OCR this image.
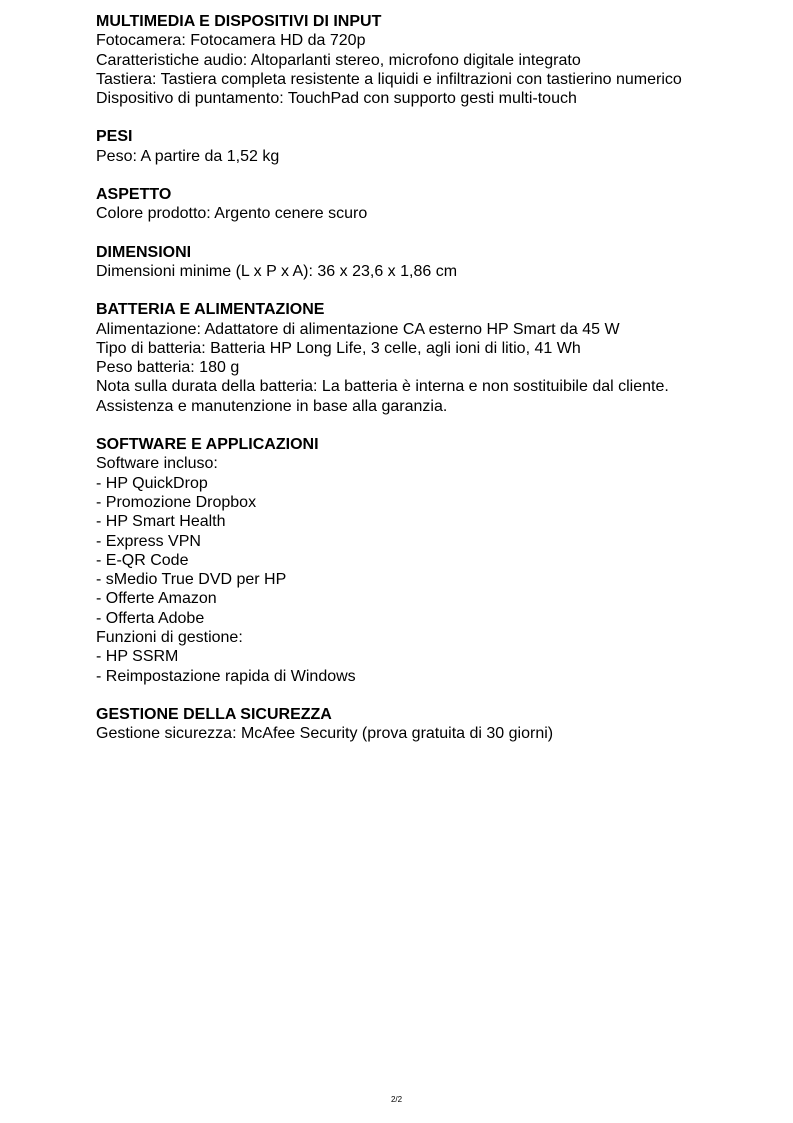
MULTIMEDIA E DISPOSITIVI DI INPUT
Fotocamera: Fotocamera HD da 720p
Caratteristiche audio: Altoparlanti stereo, microfono digitale integrato
Tastiera: Tastiera completa resistente a liquidi e infiltrazioni con tastierino numerico
Dispositivo di puntamento: TouchPad con supporto gesti multi-touch
PESI
Peso: A partire da 1,52 kg
ASPETTO
Colore prodotto: Argento cenere scuro
DIMENSIONI
Dimensioni minime (L x P x A): 36 x 23,6 x 1,86 cm
BATTERIA E ALIMENTAZIONE
Alimentazione: Adattatore di alimentazione CA esterno HP Smart da 45 W
Tipo di batteria: Batteria HP Long Life, 3 celle, agli ioni di litio, 41 Wh
Peso batteria: 180 g
Nota sulla durata della batteria: La batteria è interna e non sostituibile dal cliente.
Assistenza e manutenzione in base alla garanzia.
SOFTWARE E APPLICAZIONI
Software incluso:
- HP QuickDrop
- Promozione Dropbox
- HP Smart Health
- Express VPN
- E-QR Code
- sMedio True DVD per HP
- Offerte Amazon
- Offerta Adobe
Funzioni di gestione:
- HP SSRM
- Reimpostazione rapida di Windows
GESTIONE DELLA SICUREZZA
Gestione sicurezza: McAfee Security (prova gratuita di 30 giorni)
2/2
